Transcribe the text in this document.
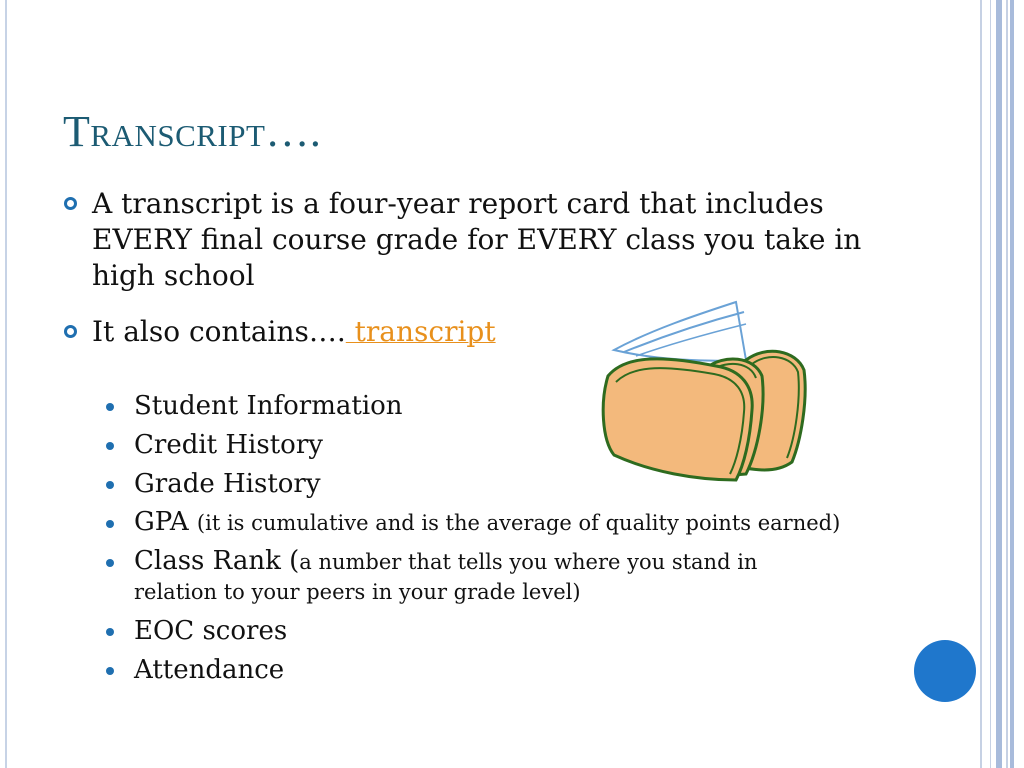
Transcript….
A transcript is a four-year report card that includes EVERY final course grade for EVERY class you take in high school
It also contains…. transcript
Student Information
Credit History
Grade History
GPA (it is cumulative and is the average of quality points earned)
Class Rank (a number that tells you where you stand in relation to your peers in your grade level)
EOC scores
Attendance
